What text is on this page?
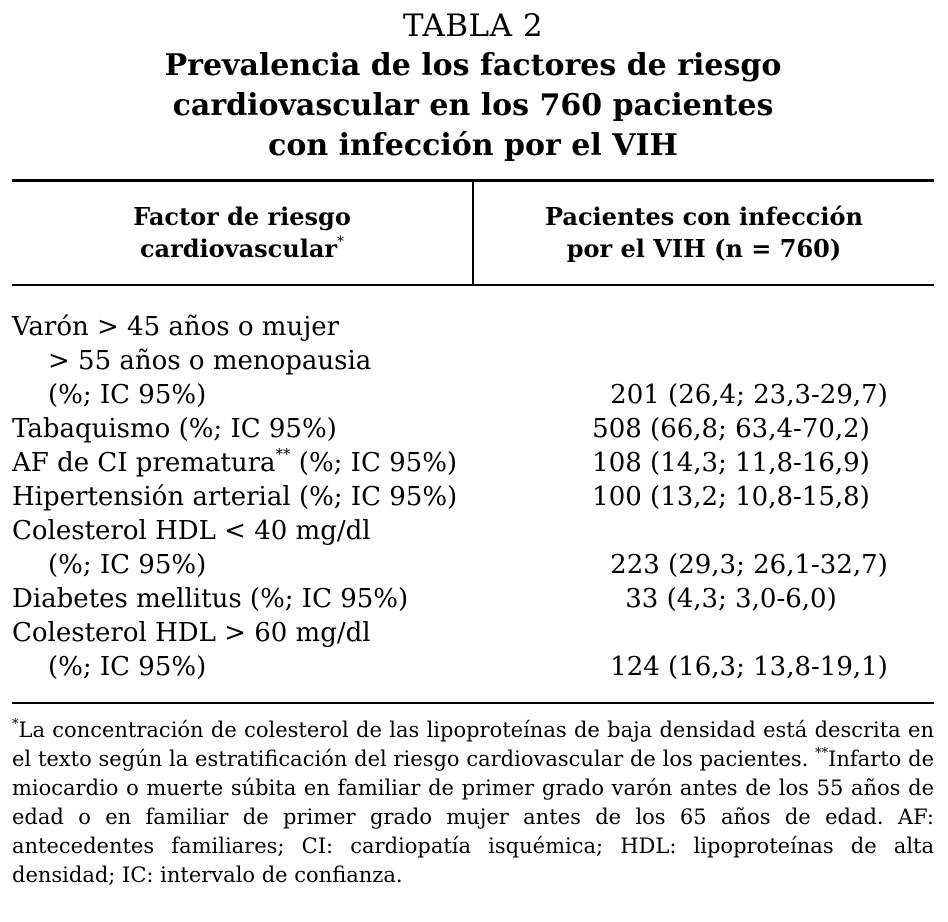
TABLA 2
Prevalencia de los factores de riesgo
cardiovascular en los 760 pacientes
con infección por el VIH
Factor de riesgo
cardiovascular*
Pacientes con infección
por el VIH (n = 760)
Varón > 45 años o mujer
> 55 años o menopausia
(%; IC 95%)	201 (26,4; 23,3-29,7)
Tabaquismo (%; IC 95%)	508 (66,8; 63,4-70,2)
AF de CI prematura** (%; IC 95%)	108 (14,3; 11,8-16,9)
Hipertensión arterial (%; IC 95%)	100 (13,2; 10,8-15,8)
Colesterol HDL < 40 mg/dl
(%; IC 95%)	223 (29,3; 26,1-32,7)
Diabetes mellitus (%; IC 95%)	33 (4,3; 3,0-6,0)
Colesterol HDL > 60 mg/dl
(%; IC 95%)	124 (16,3; 13,8-19,1)
*La concentración de colesterol de las lipoproteínas de baja densidad está descrita en el texto según la estratificación del riesgo cardiovascular de los pacientes. **Infarto de miocardio o muerte súbita en familiar de primer grado varón antes de los 55 años de edad o en familiar de primer grado mujer antes de los 65 años de edad. AF: antecedentes familiares; CI: cardiopatía isquémica; HDL: lipoproteínas de alta densidad; IC: intervalo de confianza.
